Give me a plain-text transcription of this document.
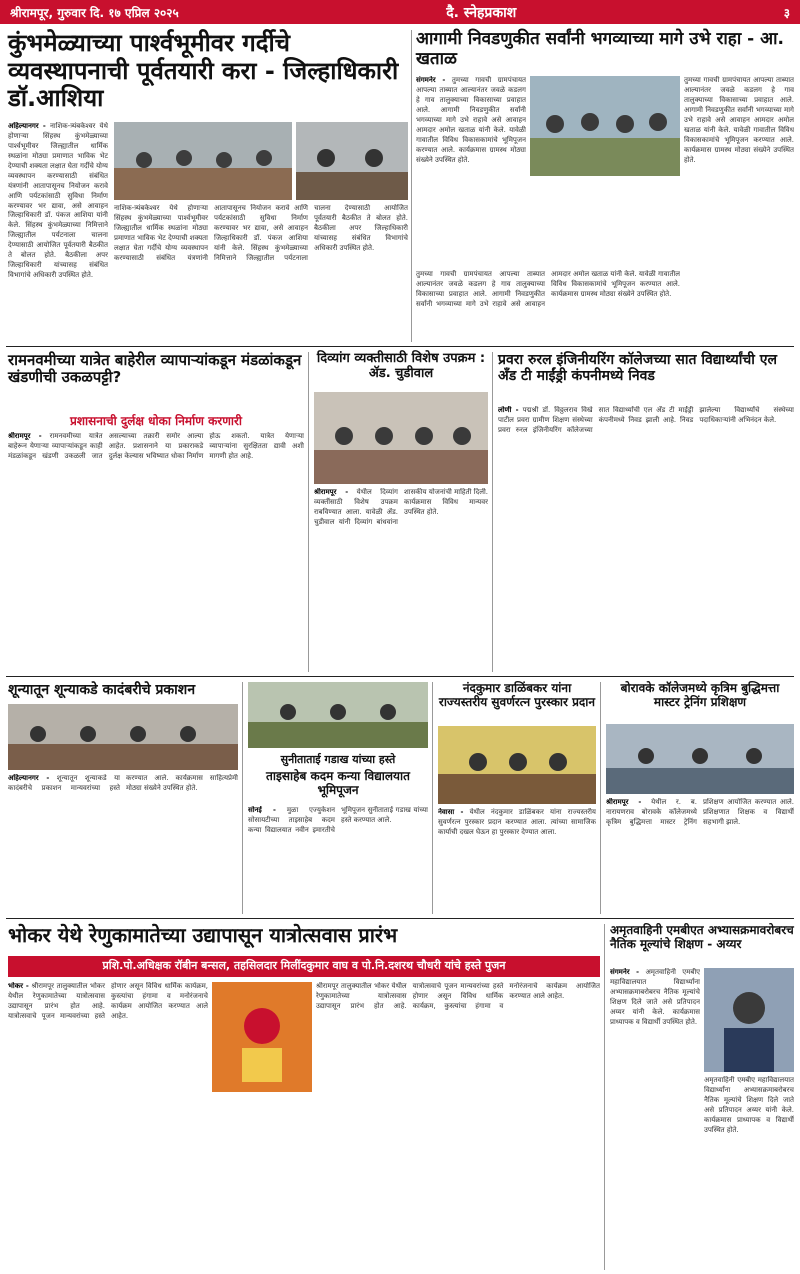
श्रीरामपूर, गुरुवार दि. १७ एप्रिल २०२५	दै. स्नेहप्रकाश	३
कुंभमेळ्याच्या पार्श्वभूमीवर गर्दीचे व्यवस्थापनाची पूर्वतयारी करा - जिल्हाधिकारी डॉ.आशिया
अहिल्यानगर - नाशिक-त्र्यंबकेश्वर येथे होणाऱ्या सिंहस्थ कुंभमेळ्याच्या पार्श्वभूमीवर जिल्ह्यातील धार्मिक स्थळांना मोठ्या प्रमाणात भाविक भेट देण्याची शक्यता लक्षात घेता गर्दीचे योग्य व्यवस्थापन करण्यासाठी संबंधित यंत्रणांनी आतापासूनच नियोजन करावे आणि पर्यटकांसाठी सुविधा निर्माण करण्यावर भर द्यावा, असे आवाहन जिल्हाधिकारी डॉ. पंकज आशिया यांनी केले. सिंहस्थ कुंभमेळ्याच्या निमित्ताने जिल्ह्यातील पर्यटनाला चालना देण्यासाठी आयोजित पूर्वतयारी बैठकीत ते बोलत होते. बैठकीला अपर जिल्हाधिकारी यांच्यासह संबंधित विभागांचे अधिकारी उपस्थित होते.
नाशिक-त्र्यंबकेश्वर येथे होणाऱ्या सिंहस्थ कुंभमेळ्याच्या पार्श्वभूमीवर जिल्ह्यातील धार्मिक स्थळांना मोठ्या प्रमाणात भाविक भेट देण्याची शक्यता लक्षात घेता गर्दीचे योग्य व्यवस्थापन करण्यासाठी संबंधित यंत्रणांनी आतापासूनच नियोजन करावे आणि पर्यटकांसाठी सुविधा निर्माण करण्यावर भर द्यावा, असे आवाहन जिल्हाधिकारी डॉ. पंकज आशिया यांनी केले. सिंहस्थ कुंभमेळ्याच्या निमित्ताने जिल्ह्यातील पर्यटनाला चालना देण्यासाठी आयोजित पूर्वतयारी बैठकीत ते बोलत होते. बैठकीला अपर जिल्हाधिकारी यांच्यासह संबंधित विभागांचे अधिकारी उपस्थित होते.
आगामी निवडणुकीत सर्वांनी भगव्याच्या मागे उभे राहा - आ. खताळ
संगमनेर - तुमच्या गावची ग्रामपंचायत आपल्या ताब्यात आल्यानंतर जवळे कडलग हे गाव तालुक्याच्या विकासाच्या प्रवाहात आले. आगामी निवडणुकीत सर्वांनी भगव्याच्या मागे उभे राहावे असे आवाहन आमदार अमोल खताळ यांनी केले. यावेळी गावातील विविध विकासकामांचे भूमिपूजन करण्यात आले. कार्यक्रमास ग्रामस्थ मोठ्या संख्येने उपस्थित होते.
तुमच्या गावची ग्रामपंचायत आपल्या ताब्यात आल्यानंतर जवळे कडलग हे गाव तालुक्याच्या विकासाच्या प्रवाहात आले. आगामी निवडणुकीत सर्वांनी भगव्याच्या मागे उभे राहावे असे आवाहन आमदार अमोल खताळ यांनी केले. यावेळी गावातील विविध विकासकामांचे भूमिपूजन करण्यात आले. कार्यक्रमास ग्रामस्थ मोठ्या संख्येने उपस्थित होते.
तुमच्या गावची ग्रामपंचायत आपल्या ताब्यात आल्यानंतर जवळे कडलग हे गाव तालुक्याच्या विकासाच्या प्रवाहात आले. आगामी निवडणुकीत सर्वांनी भगव्याच्या मागे उभे राहावे असे आवाहन आमदार अमोल खताळ यांनी केले. यावेळी गावातील विविध विकासकामांचे भूमिपूजन करण्यात आले. कार्यक्रमास ग्रामस्थ मोठ्या संख्येने उपस्थित होते.
रामनवमीच्या यात्रेत बाहेरील व्यापाऱ्यांकडून मंडळांकडून खंडणीची उकळपट्टी?
प्रशासनाची दुर्लक्ष धोका निर्माण करणारी
श्रीरामपूर - रामनवमीच्या यात्रेत बाहेरून येणाऱ्या व्यापाऱ्यांकडून काही मंडळांकडून खंडणी उकळली जात असल्याच्या तक्रारी समोर आल्या आहेत. प्रशासनाने या प्रकाराकडे दुर्लक्ष केल्यास भविष्यात धोका निर्माण होऊ शकतो. यात्रेत येणाऱ्या व्यापाऱ्यांना सुरक्षितता द्यावी अशी मागणी होत आहे.
दिव्यांग व्यक्तीसाठी विशेष उपक्रम : ॲड. चुडीवाल
श्रीरामपूर - येथील दिव्यांग व्यक्तींसाठी विशेष उपक्रम राबविण्यात आला. यावेळी ॲड. चुडीवाल यांनी दिव्यांग बांधवांना शासकीय योजनांची माहिती दिली. कार्यक्रमास विविध मान्यवर उपस्थित होते.
प्रवरा रुरल इंजिनीयरिंग कॉलेजच्या सात विद्यार्थ्यांची एल अँड टी माईंड्री कंपनीमध्ये निवड
लोणी - पद्मश्री डॉ. विठ्ठलराव विखे पाटील प्रवरा ग्रामीण शिक्षण संस्थेच्या प्रवरा रुरल इंजिनीयरिंग कॉलेजच्या सात विद्यार्थ्यांची एल अँड टी माईंड्री कंपनीमध्ये निवड झाली आहे. निवड झालेल्या विद्यार्थ्यांचे संस्थेच्या पदाधिकाऱ्यांनी अभिनंदन केले.
शून्यातून शून्याकडे कादंबरीचे प्रकाशन
अहिल्यानगर - शून्यातून शून्याकडे या कादंबरीचे प्रकाशन मान्यवरांच्या हस्ते करण्यात आले. कार्यक्रमास साहित्यप्रेमी मोठ्या संख्येने उपस्थित होते.
सुनीताताई गडाख यांच्या हस्ते
ताइसाहेब कदम कन्या विद्यालयात भूमिपूजन
सोनई - मुळा एज्युकेशन सोसायटीच्या ताइसाहेब कदम कन्या विद्यालयात नवीन इमारतीचे भूमिपूजन सुनीताताई गडाख यांच्या हस्ते करण्यात आले.
नंदकुमार डाळिंबकर यांना राज्यस्तरीय सुवर्णरत्न पुरस्कार प्रदान
नेवासा - येथील नंदकुमार डाळिंबकर यांना राज्यस्तरीय सुवर्णरत्न पुरस्कार प्रदान करण्यात आला. त्यांच्या सामाजिक कार्याची दखल घेऊन हा पुरस्कार देण्यात आला.
बोरावके कॉलेजमध्ये कृत्रिम बुद्धिमत्ता मास्टर ट्रेनिंग प्रशिक्षण
श्रीरामपूर - येथील र. ब. नारायणराव बोरावके कॉलेजमध्ये कृत्रिम बुद्धिमत्ता मास्टर ट्रेनिंग प्रशिक्षण आयोजित करण्यात आले. प्रशिक्षणात शिक्षक व विद्यार्थी सहभागी झाले.
भोकर येथे रेणुकामातेच्या उद्यापासून यात्रोत्सवास प्रारंभ
प्रशि.पो.अधिक्षक रॉबीन बन्सल, तहसिलदार मिलींदकुमार वाघ व पो.नि.दशरथ चौधरी यांचे हस्ते पुजन
भोकर - श्रीरामपूर तालुक्यातील भोकर येथील रेणुकामातेच्या यात्रोत्सवास उद्यापासून प्रारंभ होत आहे. यात्रोत्सवाचे पूजन मान्यवरांच्या हस्ते होणार असून विविध धार्मिक कार्यक्रम, कुस्त्यांचा हंगामा व मनोरंजनाचे कार्यक्रम आयोजित करण्यात आले आहेत.
श्रीरामपूर तालुक्यातील भोकर येथील रेणुकामातेच्या यात्रोत्सवास उद्यापासून प्रारंभ होत आहे. यात्रोत्सवाचे पूजन मान्यवरांच्या हस्ते होणार असून विविध धार्मिक कार्यक्रम, कुस्त्यांचा हंगामा व मनोरंजनाचे कार्यक्रम आयोजित करण्यात आले आहेत.
अमृतवाहिनी एमबीएत अभ्यासक्रमावरोबरच नैतिक मूल्यांचे शिक्षण - अय्यर
संगमनेर - अमृतवाहिनी एमबीए महाविद्यालयात विद्यार्थ्यांना अभ्यासक्रमाबरोबरच नैतिक मूल्यांचे शिक्षण दिले जाते असे प्रतिपादन अय्यर यांनी केले. कार्यक्रमास प्राध्यापक व विद्यार्थी उपस्थित होते.
अमृतवाहिनी एमबीए महाविद्यालयात विद्यार्थ्यांना अभ्यासक्रमाबरोबरच नैतिक मूल्यांचे शिक्षण दिले जाते असे प्रतिपादन अय्यर यांनी केले. कार्यक्रमास प्राध्यापक व विद्यार्थी उपस्थित होते.
